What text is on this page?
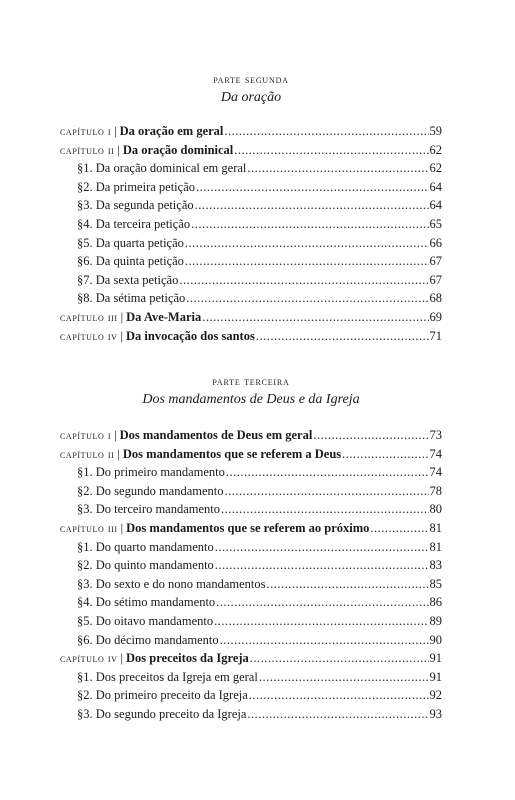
parte segunda
Da oração
capítulo i | Da oração em geral .....	59
capítulo ii | Da oração dominical .....	62
§1. Da oração dominical em geral .....	62
§2. Da primeira petição .....	64
§3. Da segunda petição .....	64
§4. Da terceira petição .....	65
§5. Da quarta petição .....	66
§6. Da quinta petição .....	67
§7. Da sexta petição .....	67
§8. Da sétima petição .....	68
capítulo iii | Da Ave-Maria .....	69
capítulo iv | Da invocação dos santos .....	71
parte terceira
Dos mandamentos de Deus e da Igreja
capítulo i | Dos mandamentos de Deus em geral .....	73
capítulo ii | Dos mandamentos que se referem a Deus .....	74
§1. Do primeiro mandamento .....	74
§2. Do segundo mandamento .....	78
§3. Do terceiro mandamento .....	80
capítulo iii | Dos mandamentos que se referem ao próximo .....	81
§1. Do quarto mandamento .....	81
§2. Do quinto mandamento .....	83
§3. Do sexto e do nono mandamentos .....	85
§4. Do sétimo mandamento .....	86
§5. Do oitavo mandamento .....	89
§6. Do décimo mandamento .....	90
capítulo iv | Dos preceitos da Igreja .....	91
§1. Dos preceitos da Igreja em geral .....	91
§2. Do primeiro preceito da Igreja .....	92
§3. Do segundo preceito da Igreja .....	93
